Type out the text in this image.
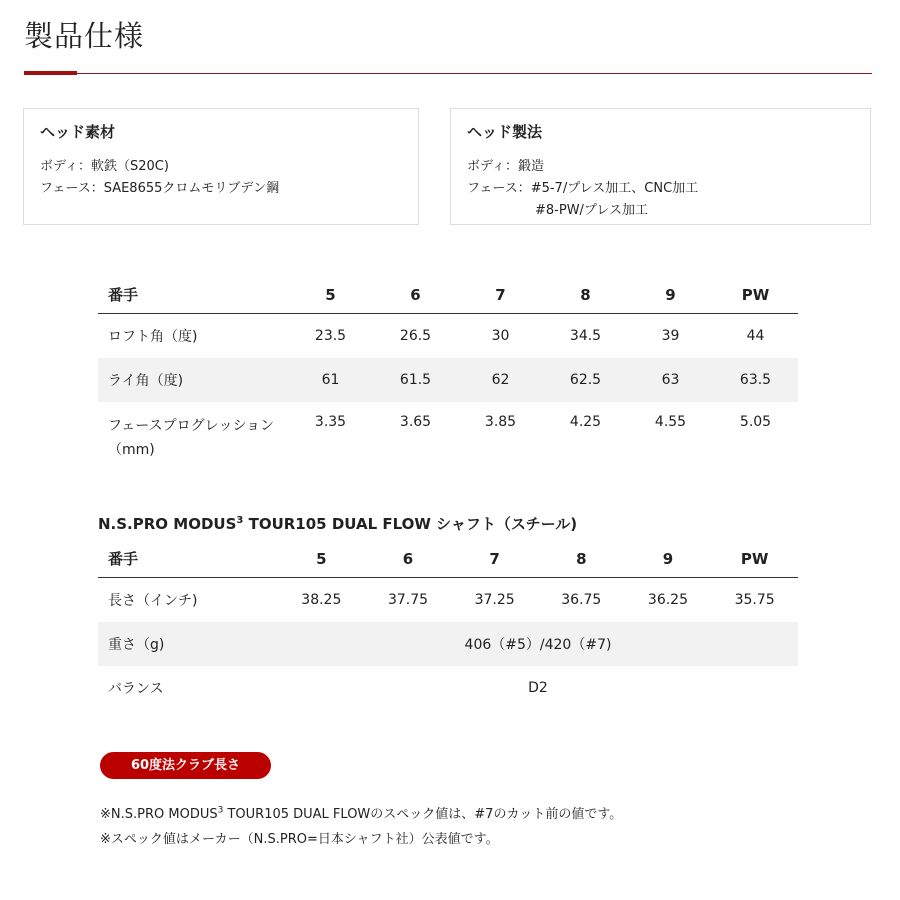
製品仕様
ヘッド素材

ボディ：軟鉄（S20C)

フェース：SAE8655クロムモリブデン鋼

ヘッド製法

ボディ：鍛造

フェース：#5-7/プレス加工、CNC加工

#8-PW/プレス加工

番手	5	6	7	8	9	PW
ロフト角（度)	23.5	26.5	30	34.5	39	44
ライ角（度)	61	61.5	62	62.5	63	63.5
フェースプログレッション（mm)	3.35	3.65	3.85	4.25	4.55	5.05
N.S.PRO MODUS$^3$ TOUR105 DUAL FLOW シャフト（スチール)
番手	5	6	7	8	9	PW
長さ（インチ)	38.25	37.75	37.25	36.75	36.25	35.75
重さ（g)	406（#5）/420（#7)					
バランス	D2					
60度法クラブ長さ
※N.S.PRO MODUS$^3$ TOUR105 DUAL FLOWのスペック値は、#7のカット前の値です。
※スペック値はメーカー（N.S.PRO=日本シャフト社）公表値です。
